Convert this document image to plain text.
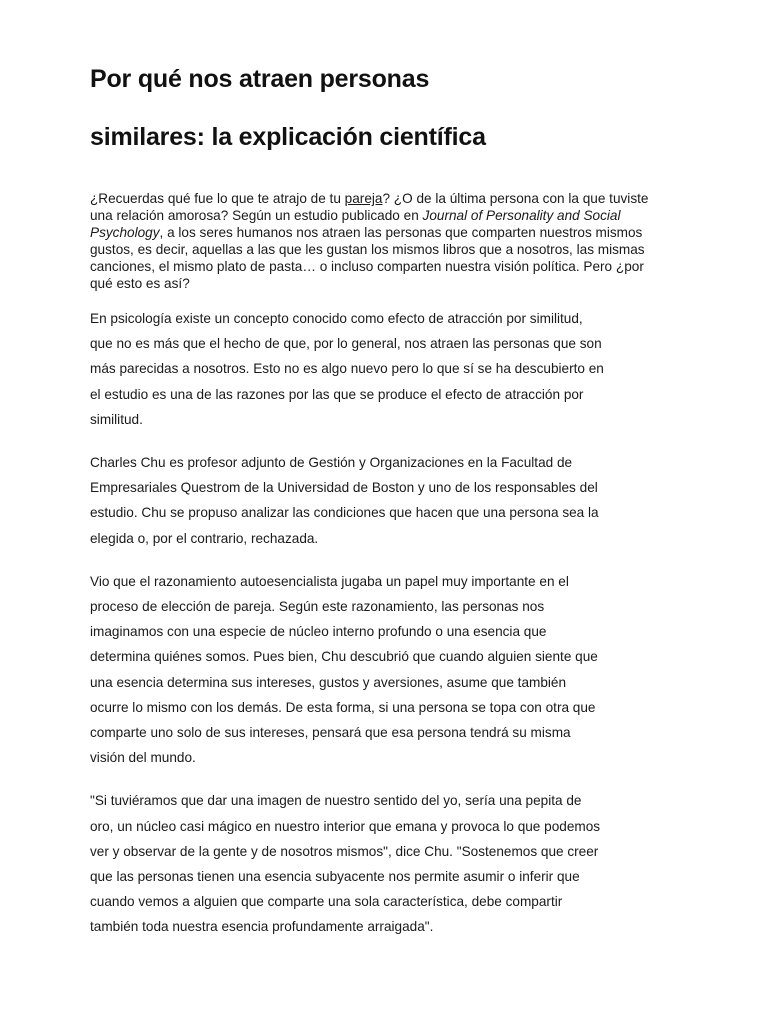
Por qué nos atraen personas
similares: la explicación científica

¿Recuerdas qué fue lo que te atrajo de tu pareja? ¿O de la última persona con la que tuviste una relación amorosa? Según un estudio publicado en Journal of Personality and Social Psychology, a los seres humanos nos atraen las personas que comparten nuestros mismos gustos, es decir, aquellas a las que les gustan los mismos libros que a nosotros, las mismas canciones, el mismo plato de pasta… o incluso comparten nuestra visión política. Pero ¿por qué esto es así?

En psicología existe un concepto conocido como efecto de atracción por similitud,
que no es más que el hecho de que, por lo general, nos atraen las personas que son
más parecidas a nosotros. Esto no es algo nuevo pero lo que sí se ha descubierto en
el estudio es una de las razones por las que se produce el efecto de atracción por
similitud.

Charles Chu es profesor adjunto de Gestión y Organizaciones en la Facultad de
Empresariales Questrom de la Universidad de Boston y uno de los responsables del
estudio. Chu se propuso analizar las condiciones que hacen que una persona sea la
elegida o, por el contrario, rechazada.

Vio que el razonamiento autoesencialista jugaba un papel muy importante en el
proceso de elección de pareja. Según este razonamiento, las personas nos
imaginamos con una especie de núcleo interno profundo o una esencia que
determina quiénes somos. Pues bien, Chu descubrió que cuando alguien siente que
una esencia determina sus intereses, gustos y aversiones, asume que también
ocurre lo mismo con los demás. De esta forma, si una persona se topa con otra que
comparte uno solo de sus intereses, pensará que esa persona tendrá su misma
visión del mundo.

"Si tuviéramos que dar una imagen de nuestro sentido del yo, sería una pepita de
oro, un núcleo casi mágico en nuestro interior que emana y provoca lo que podemos
ver y observar de la gente y de nosotros mismos", dice Chu. "Sostenemos que creer
que las personas tienen una esencia subyacente nos permite asumir o inferir que
cuando vemos a alguien que comparte una sola característica, debe compartir
también toda nuestra esencia profundamente arraigada".
